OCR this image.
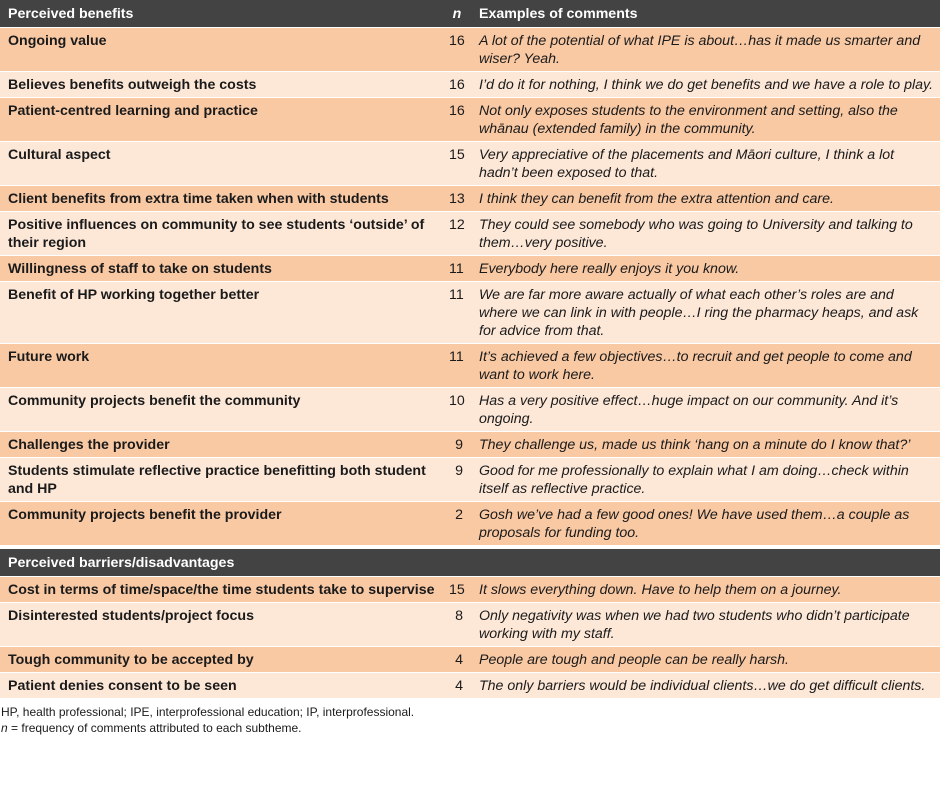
Perceived benefits	n	Examples of comments
Ongoing value	16	A lot of the potential of what IPE is about…has it made us smarter and wiser? Yeah.
Believes benefits outweigh the costs	16	I’d do it for nothing, I think we do get benefits and we have a role to play.
Patient-centred learning and practice	16	Not only exposes students to the environment and setting, also the whānau (extended family) in the community.
Cultural aspect	15	Very appreciative of the placements and Māori culture, I think a lot hadn’t been exposed to that.
Client benefits from extra time taken when with students	13	I think they can benefit from the extra attention and care.
Positive influences on community to see students ‘outside’ of their region	12	They could see somebody who was going to University and talking to them…very positive.
Willingness of staff to take on students	11	Everybody here really enjoys it you know.
Benefit of HP working together better	11	We are far more aware actually of what each other’s roles are and where we can link in with people…I ring the pharmacy heaps, and ask for advice from that.
Future work	11	It’s achieved a few objectives…to recruit and get people to come and want to work here.
Community projects benefit the community	10	Has a very positive effect…huge impact on our community. And it’s ongoing.
Challenges the provider	9	They challenge us, made us think ‘hang on a minute do I know that?’
Students stimulate reflective practice benefitting both student and HP	9	Good for me professionally to explain what I am doing…check within itself as reflective practice.
Community projects benefit the provider	2	Gosh we’ve had a few good ones! We have used them…a couple as proposals for funding too.
Perceived barriers/disadvantages		
Cost in terms of time/space/the time students take to supervise	15	It slows everything down. Have to help them on a journey.
Disinterested students/project focus	8	Only negativity was when we had two students who didn’t participate working with my staff.
Tough community to be accepted by	4	People are tough and people can be really harsh.
Patient denies consent to be seen	4	The only barriers would be individual clients…we do get difficult clients.
HP, health professional; IPE, interprofessional education; IP, interprofessional.
n = frequency of comments attributed to each subtheme.
